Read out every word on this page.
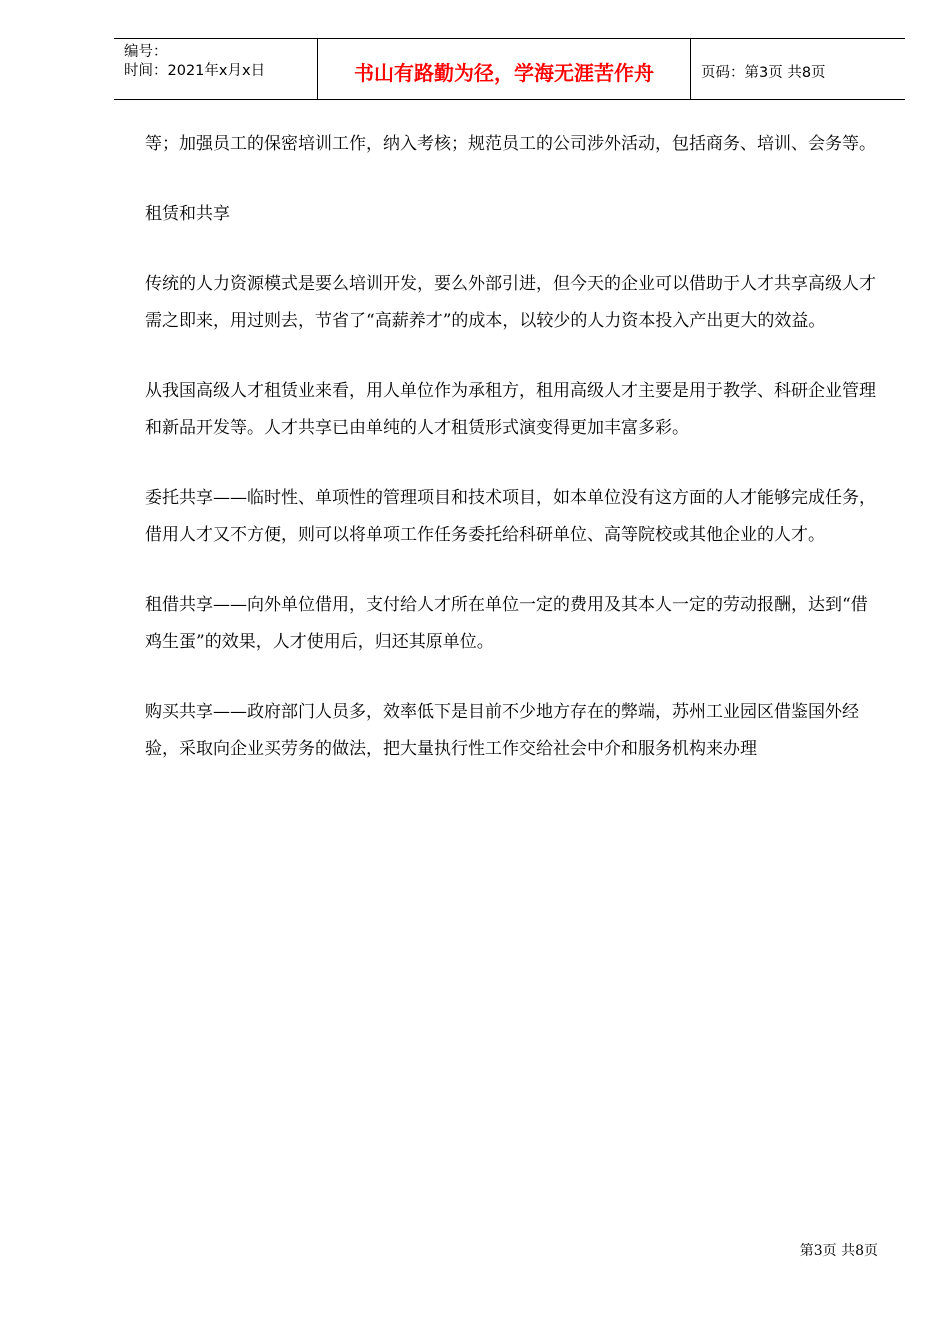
编号：
时间：2021年x月x日	书山有路勤为径，学海无涯苦作舟	页码：第3页 共8页

等；加强员工的保密培训工作，纳入考核；规范员工的公司涉外活动，包括商务、培训、会务等。

租赁和共享

传统的人力资源模式是要么培训开发，要么外部引进，但今天的企业可以借助于人才共享高级人才需之即来，用过则去，节省了“高薪养才”的成本，以较少的人力资本投入产出更大的效益。

从我国高级人才租赁业来看，用人单位作为承租方，租用高级人才主要是用于教学、科研企业管理和新品开发等。人才共享已由单纯的人才租赁形式演变得更加丰富多彩。

委托共享——临时性、单项性的管理项目和技术项目，如本单位没有这方面的人才能够完成任务，借用人才又不方便，则可以将单项工作任务委托给科研单位、高等院校或其他企业的人才。

租借共享——向外单位借用，支付给人才所在单位一定的费用及其本人一定的劳动报酬，达到“借鸡生蛋”的效果，人才使用后，归还其原单位。

购买共享——政府部门人员多，效率低下是目前不少地方存在的弊端，苏州工业园区借鉴国外经验，采取向企业买劳务的做法，把大量执行性工作交给社会中介和服务机构来办理

第3页 共8页
